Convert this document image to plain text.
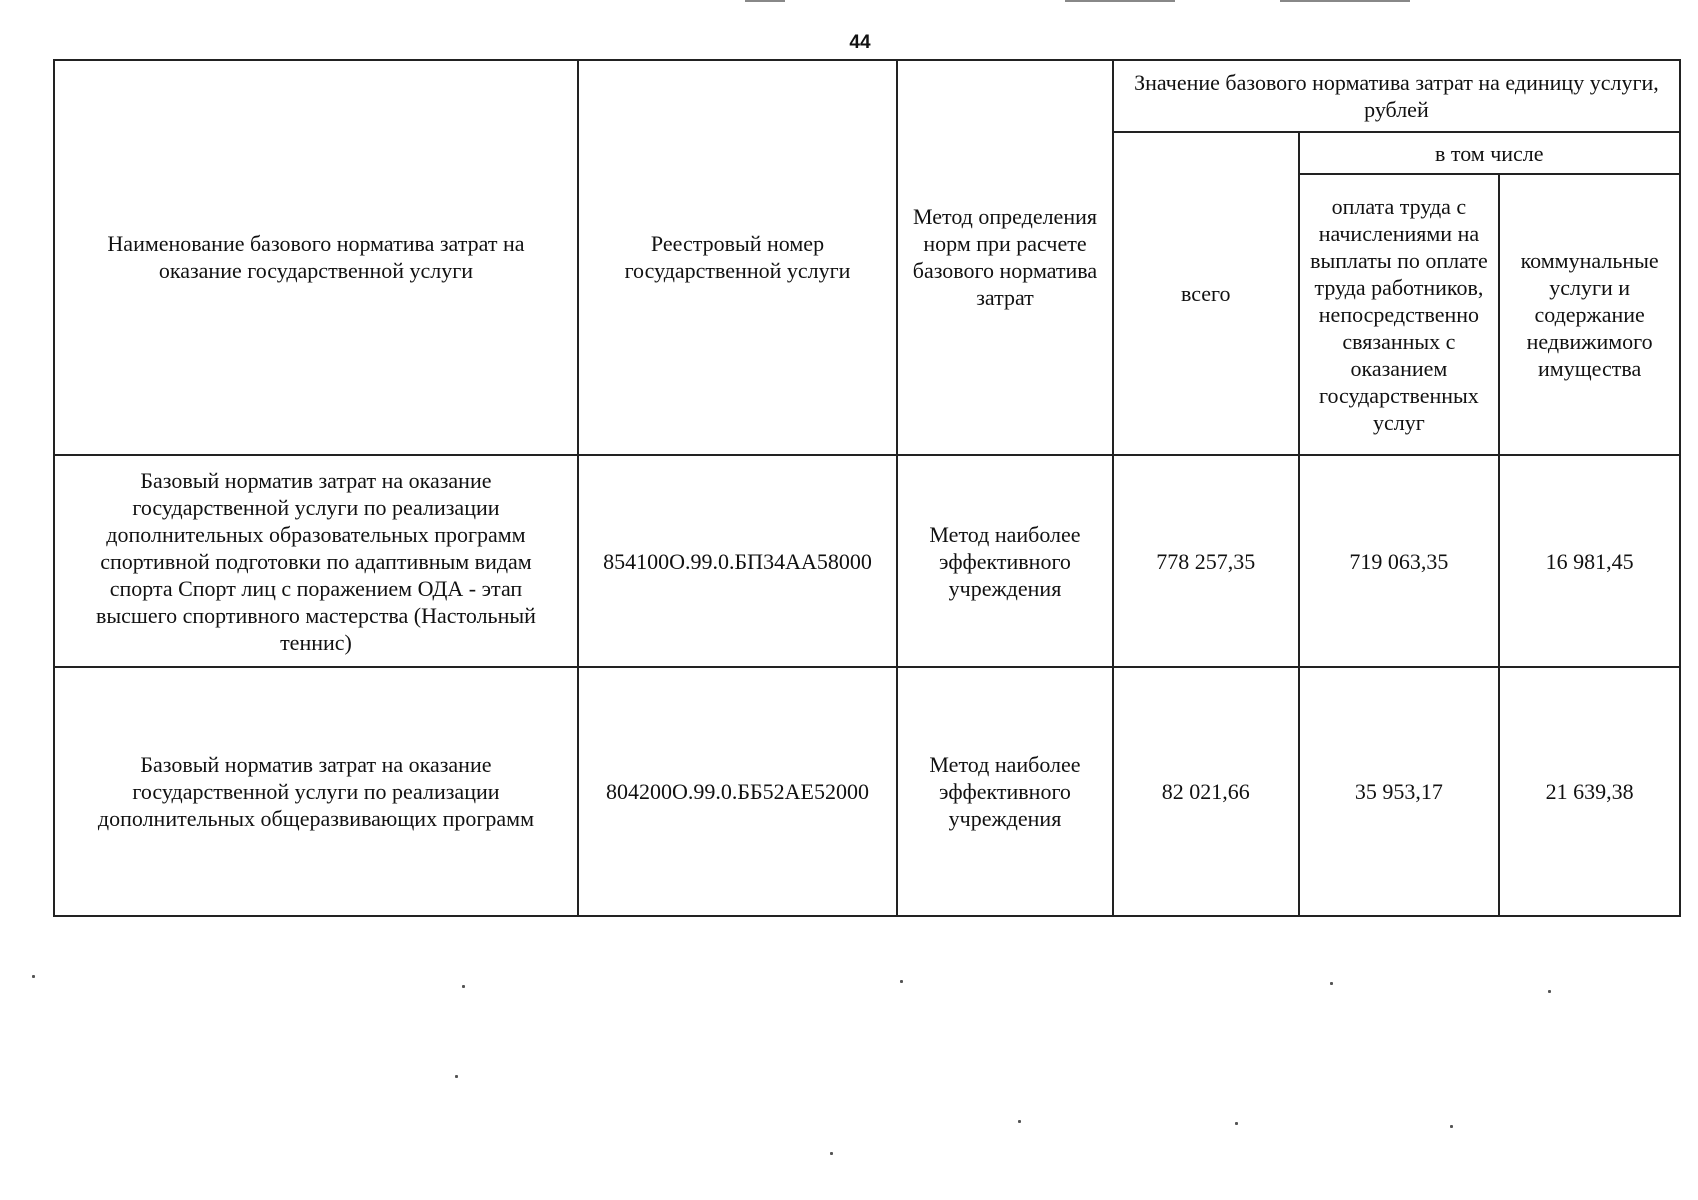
44
Наименование базового норматива затрат на оказание государственной услуги	Реестровый номер государственной услуги	Метод определения норм при расчете базового норматива затрат	Значение базового норматива затрат на единицу услуги, рублей		
			всего	в том числе	
				оплата труда с начислениями на выплаты по оплате труда работников, непосредственно связанных с оказанием государственных услуг	коммунальные услуги и содержание недвижимого имущества
Базовый норматив затрат на оказание государственной услуги по реализации дополнительных образовательных программ спортивной подготовки по адаптивным видам спорта Спорт лиц с поражением ОДА - этап высшего спортивного мастерства (Настольный теннис)	854100О.99.0.БП34АА58000	Метод наиболее эффективного учреждения	778 257,35	719 063,35	16 981,45
Базовый норматив затрат на оказание государственной услуги по реализации дополнительных общеразвивающих программ	804200О.99.0.ББ52АЕ52000	Метод наиболее эффективного учреждения	82 021,66	35 953,17	21 639,38
